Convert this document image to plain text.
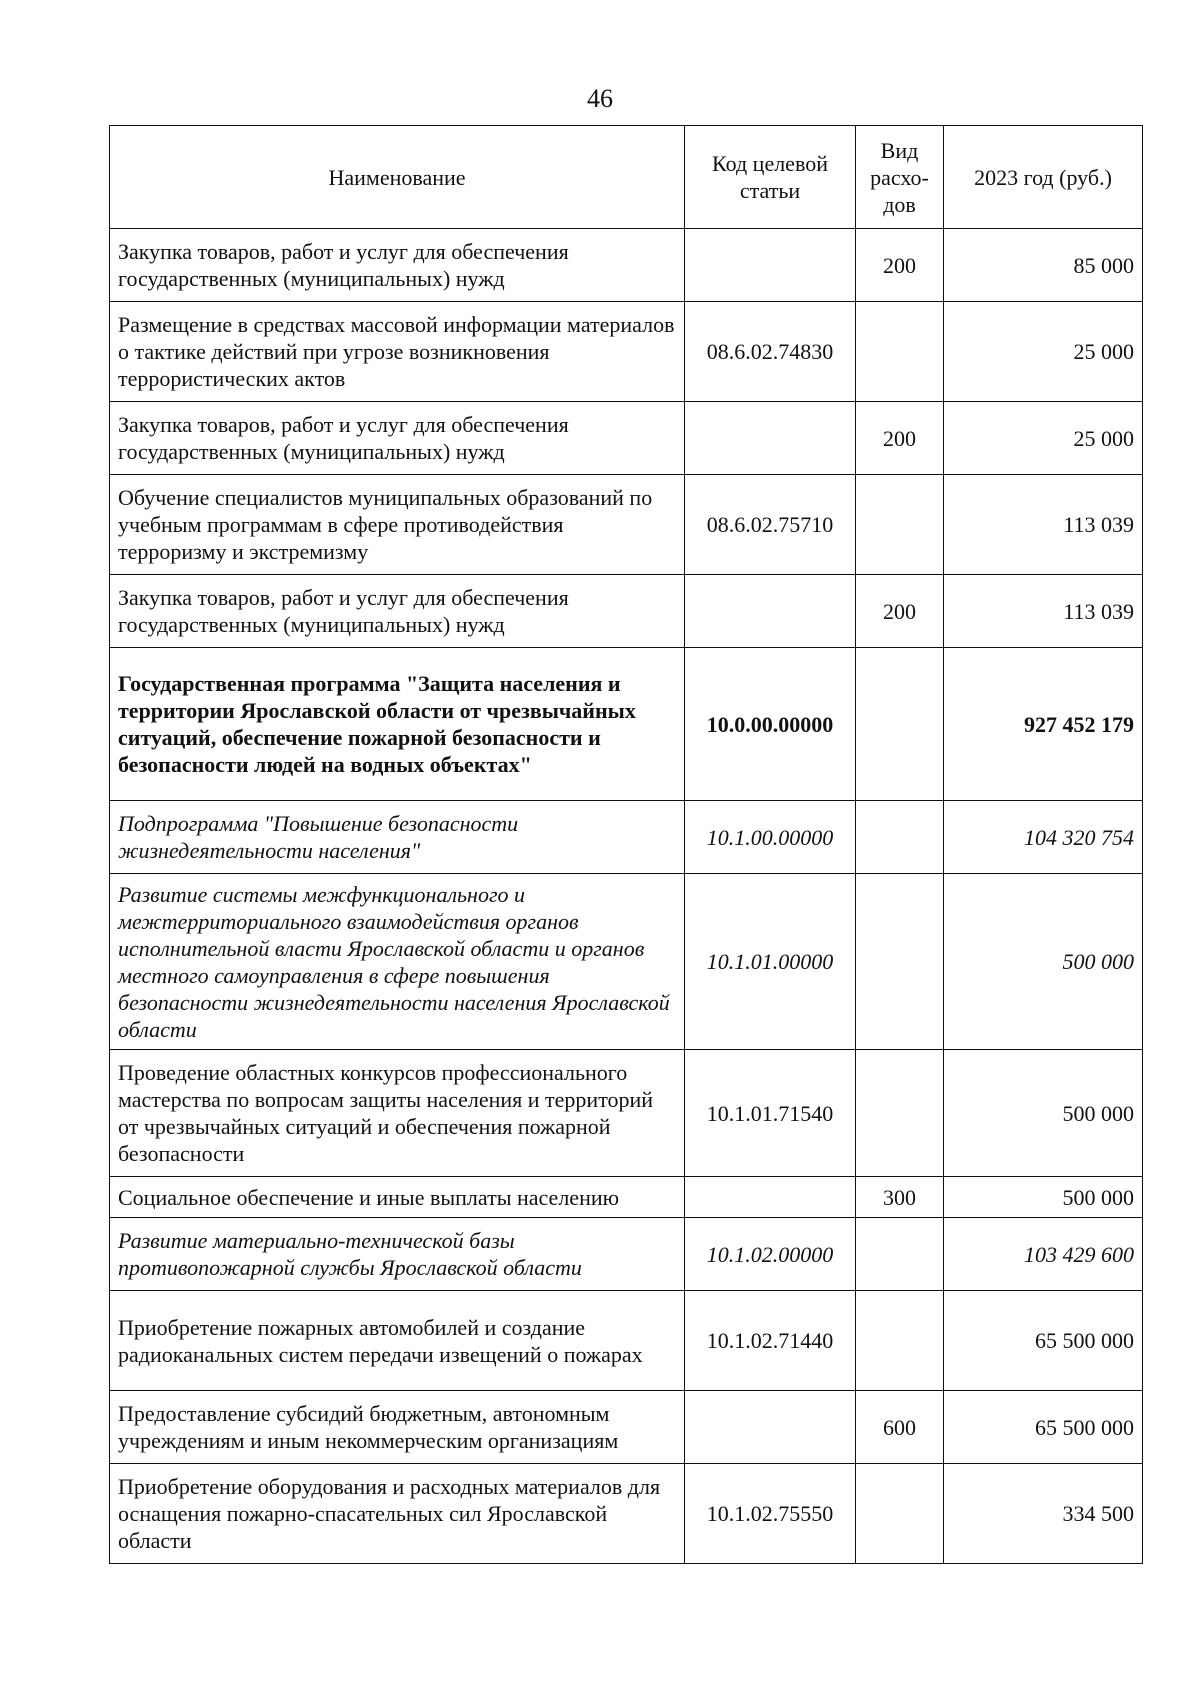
46
Наименование	Код целевой статьи	Вид расхо-дов	2023 год (руб.)
Закупка товаров, работ и услуг для обеспечения государственных (муниципальных) нужд		200	85 000
Размещение в средствах массовой информации материалов о тактике действий при угрозе возникновения террористических актов	08.6.02.74830		25 000
Закупка товаров, работ и услуг для обеспечения государственных (муниципальных) нужд		200	25 000
Обучение специалистов муниципальных образований по учебным программам в сфере противодействия терроризму и экстремизму	08.6.02.75710		113 039
Закупка товаров, работ и услуг для обеспечения государственных (муниципальных) нужд		200	113 039
Государственная программа "Защита населения и территории Ярославской области от чрезвычайных ситуаций, обеспечение пожарной безопасности и безопасности людей на водных объектах"	10.0.00.00000		927 452 179
Подпрограмма "Повышение безопасности жизнедеятельности населения"	10.1.00.00000		104 320 754
Развитие системы межфункционального и межтерриториального взаимодействия органов исполнительной власти Ярославской области и органов местного самоуправления в сфере повышения безопасности жизнедеятельности населения Ярославской области	10.1.01.00000		500 000
Проведение областных конкурсов профессионального мастерства по вопросам защиты населения и территорий от чрезвычайных ситуаций и обеспечения пожарной безопасности	10.1.01.71540		500 000
Социальное обеспечение и иные выплаты населению		300	500 000
Развитие материально-технической базы противопожарной службы Ярославской области	10.1.02.00000		103 429 600
Приобретение пожарных автомобилей и создание радиоканальных систем передачи извещений о пожарах	10.1.02.71440		65 500 000
Предоставление субсидий бюджетным, автономным учреждениям и иным некоммерческим организациям		600	65 500 000
Приобретение оборудования и расходных материалов для оснащения пожарно-спасательных сил Ярославской области	10.1.02.75550		334 500
